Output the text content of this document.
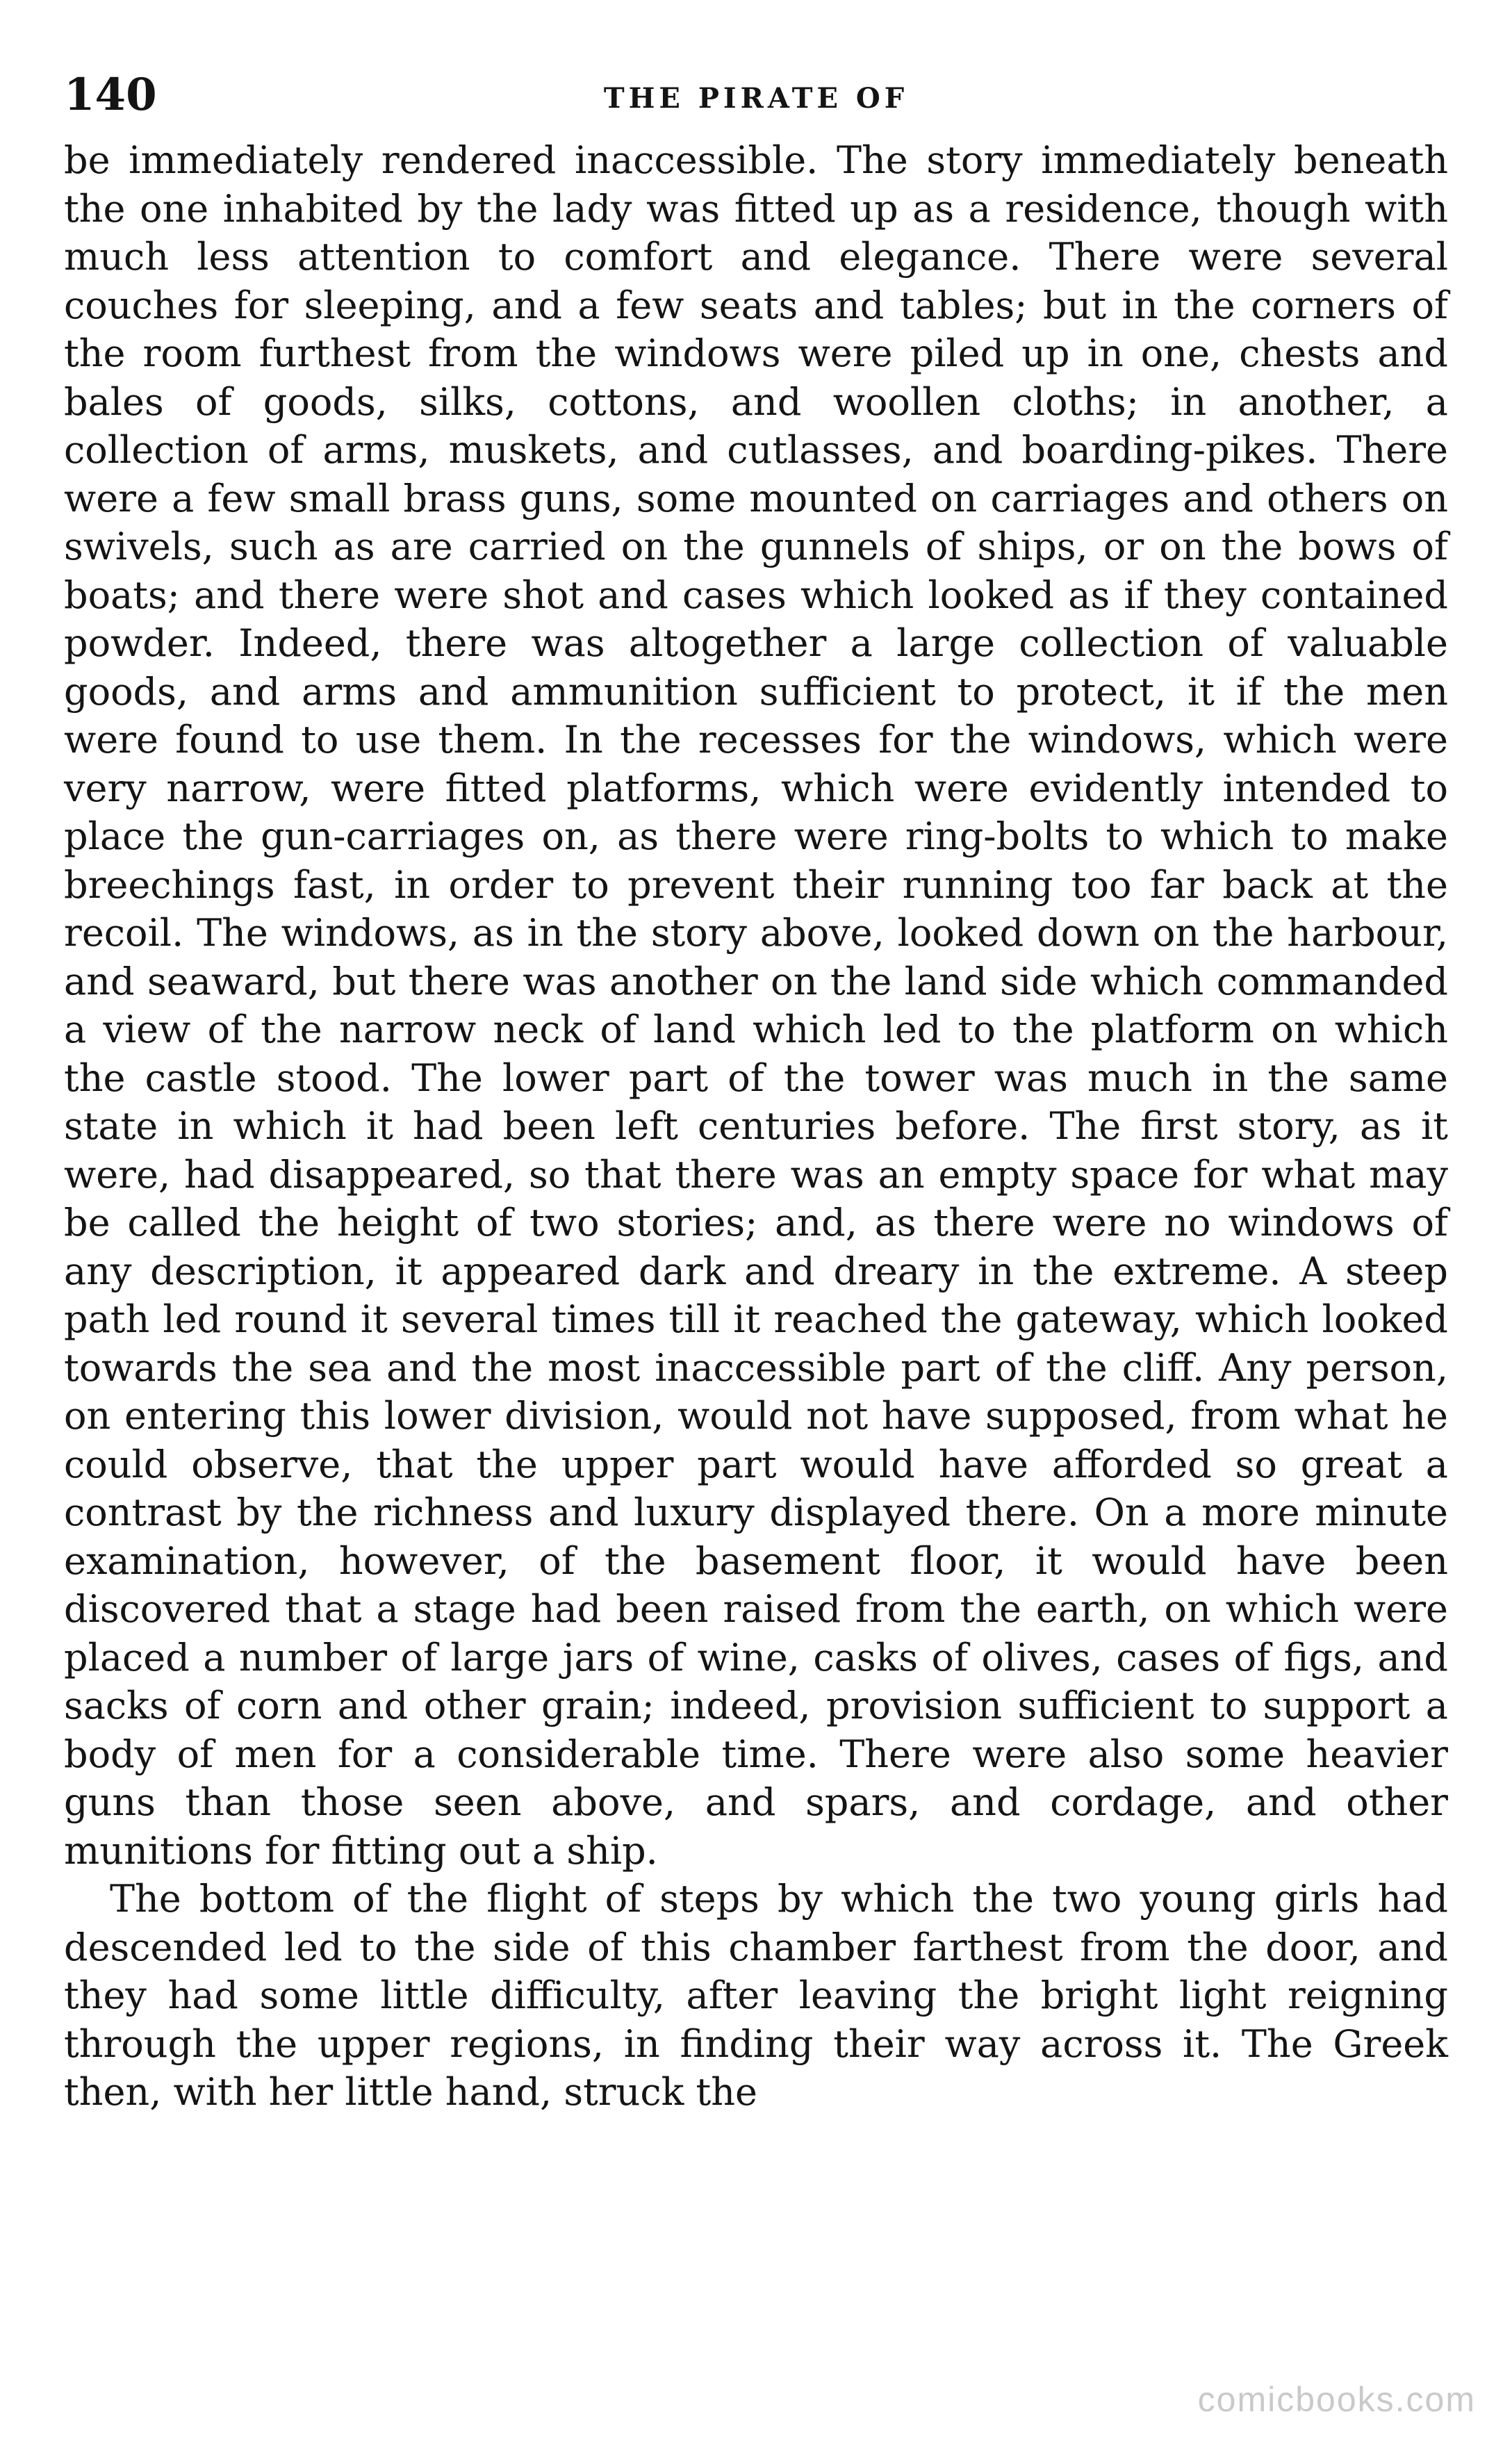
140	THE PIRATE OF

be immediately rendered inaccessible. The story immediately beneath the one inhabited by the lady was fitted up as a residence, though with much less attention to comfort and elegance. There were several couches for sleeping, and a few seats and tables; but in the corners of the room furthest from the windows were piled up in one, chests and bales of goods, silks, cottons, and woollen cloths; in another, a collection of arms, muskets, and cutlasses, and boarding-pikes. There were a few small brass guns, some mounted on carriages and others on swivels, such as are carried on the gunnels of ships, or on the bows of boats; and there were shot and cases which looked as if they contained powder. Indeed, there was altogether a large collection of valuable goods, and arms and ammunition sufficient to protect, it if the men were found to use them. In the recesses for the windows, which were very narrow, were fitted platforms, which were evidently intended to place the gun-carriages on, as there were ring-bolts to which to make breechings fast, in order to prevent their running too far back at the recoil. The windows, as in the story above, looked down on the harbour, and seaward, but there was another on the land side which commanded a view of the narrow neck of land which led to the platform on which the castle stood. The lower part of the tower was much in the same state in which it had been left centuries before. The first story, as it were, had disappeared, so that there was an empty space for what may be called the height of two stories; and, as there were no windows of any description, it appeared dark and dreary in the extreme. A steep path led round it several times till it reached the gateway, which looked towards the sea and the most inaccessible part of the cliff. Any person, on entering this lower division, would not have supposed, from what he could observe, that the upper part would have afforded so great a contrast by the richness and luxury displayed there. On a more minute examination, however, of the basement floor, it would have been discovered that a stage had been raised from the earth, on which were placed a number of large jars of wine, casks of olives, cases of figs, and sacks of corn and other grain; indeed, provision sufficient to support a body of men for a considerable time. There were also some heavier guns than those seen above, and spars, and cordage, and other munitions for fitting out a ship.

The bottom of the flight of steps by which the two young girls had descended led to the side of this chamber farthest from the door, and they had some little difficulty, after leaving the bright light reigning through the upper regions, in finding their way across it. The Greek then, with her little hand, struck the

comicbooks.com
